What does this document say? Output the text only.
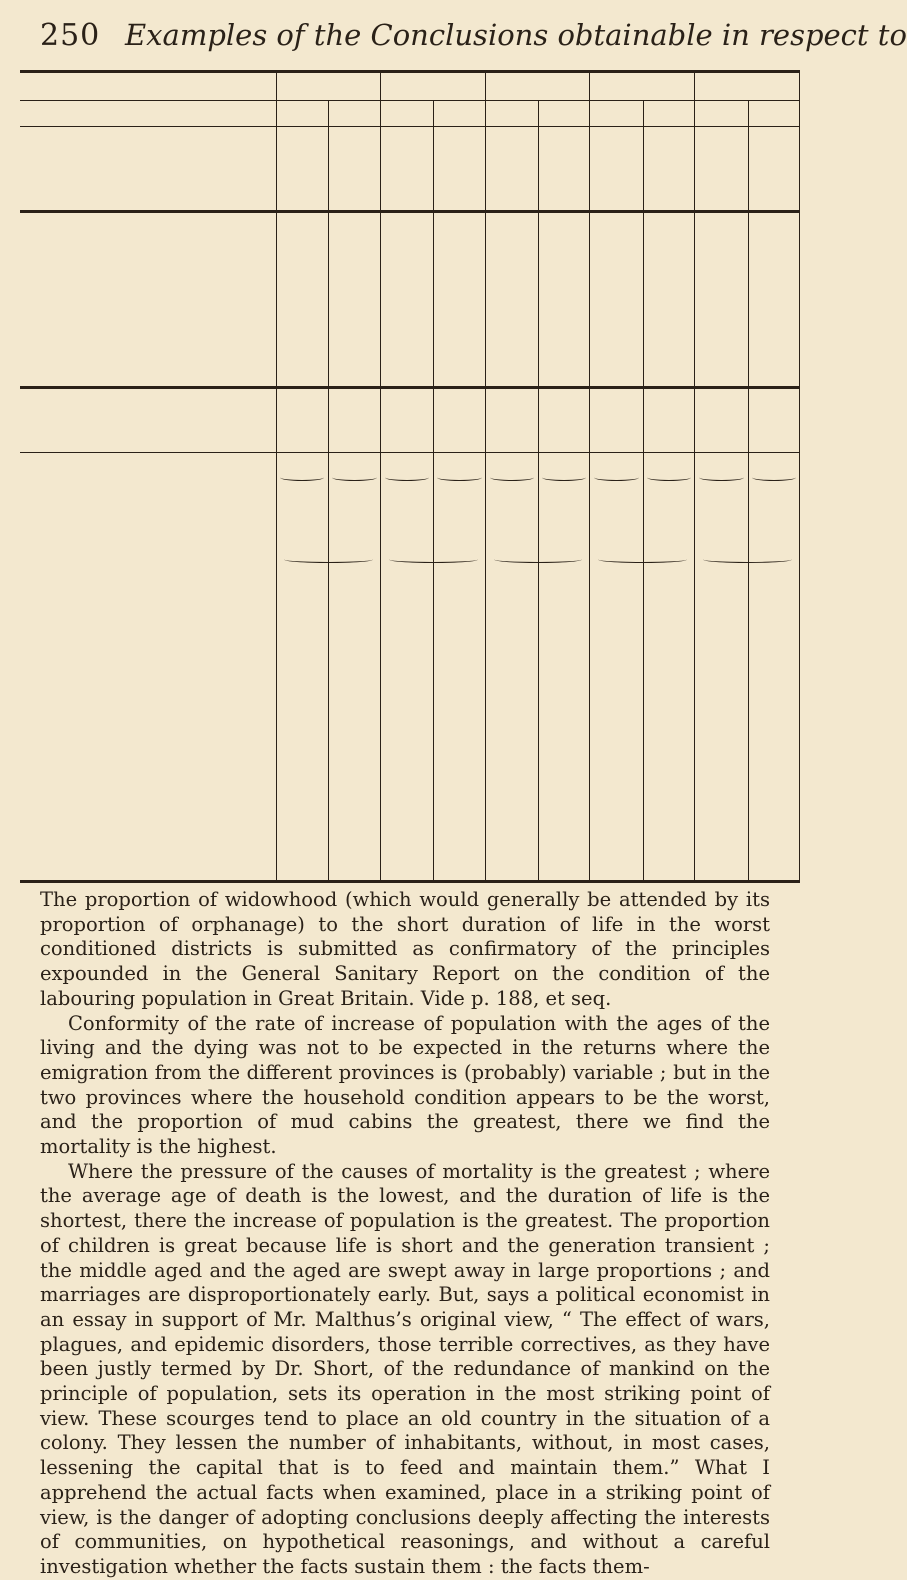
250 Examples of the Conclusions obtainable in respect to

The proportion of widowhood (which would generally be attended by its proportion of orphanage) to the short duration of life in the worst conditioned districts is submitted as confirmatory of the principles expounded in the General Sanitary Report on the condition of the labouring population in Great Britain. Vide p. 188, et seq.

Conformity of the rate of increase of population with the ages of the living and the dying was not to be expected in the returns where the emigration from the different provinces is (probably) variable ; but in the two provinces where the household condition appears to be the worst, and the proportion of mud cabins the greatest, there we find the mortality is the highest.

Where the pressure of the causes of mortality is the greatest ; where the average age of death is the lowest, and the duration of life is the shortest, there the increase of population is the greatest. The proportion of children is great because life is short and the generation transient ; the middle aged and the aged are swept away in large proportions ; and marriages are disproportionately early. But, says a political economist in an essay in support of Mr. Malthus’s original view, “ The effect of wars, plagues, and epidemic disorders, those terrible correctives, as they have been justly termed by Dr. Short, of the redundance of mankind on the principle of population, sets its operation in the most striking point of view. These scourges tend to place an old country in the situation of a colony. They lessen the number of inhabitants, without, in most cases, lessening the capital that is to feed and maintain them.” What I apprehend the actual facts when examined, place in a striking point of view, is the danger of adopting conclusions deeply affecting the interests of communities, on hypothetical reasonings, and without a careful investigation whether the facts sustain them : the facts them-
